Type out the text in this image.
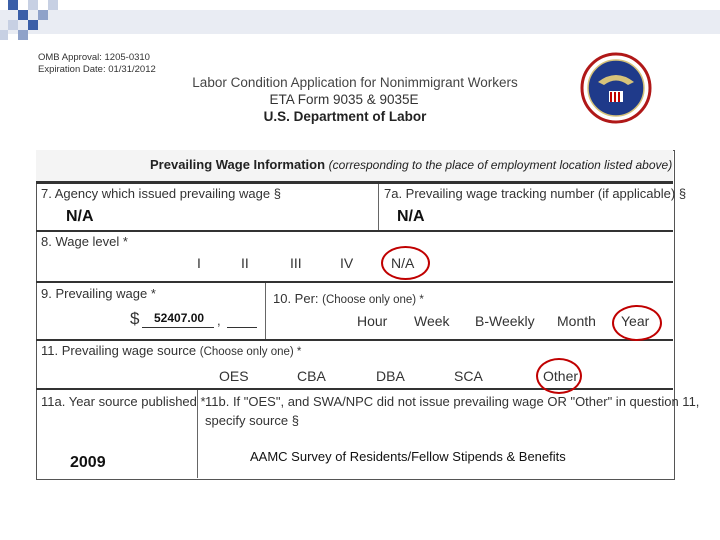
OMB Approval: 1205-0310
Expiration Date: 01/31/2012
Labor Condition Application for Nonimmigrant Workers
ETA Form 9035 & 9035E
U.S. Department of Labor
Prevailing Wage Information (corresponding to the place of employment location listed above)
7. Agency which issued prevailing wage §
N/A
7a. Prevailing wage tracking number (if applicable) §
N/A
8. Wage level *
I	II	III	IV	N/A
9. Prevailing wage *
$ 52407.00 ,
10. Per: (Choose only one) *
Hour Week B-Weekly Month Year
11. Prevailing wage source (Choose only one) *
OES	CBA	DBA	SCA	Other
11a. Year source published *
2009
11b. If "OES", and SWA/NPC did not issue prevailing wage OR "Other" in question 11,
specify source §
AAMC Survey of Residents/Fellow Stipends & Benefits
